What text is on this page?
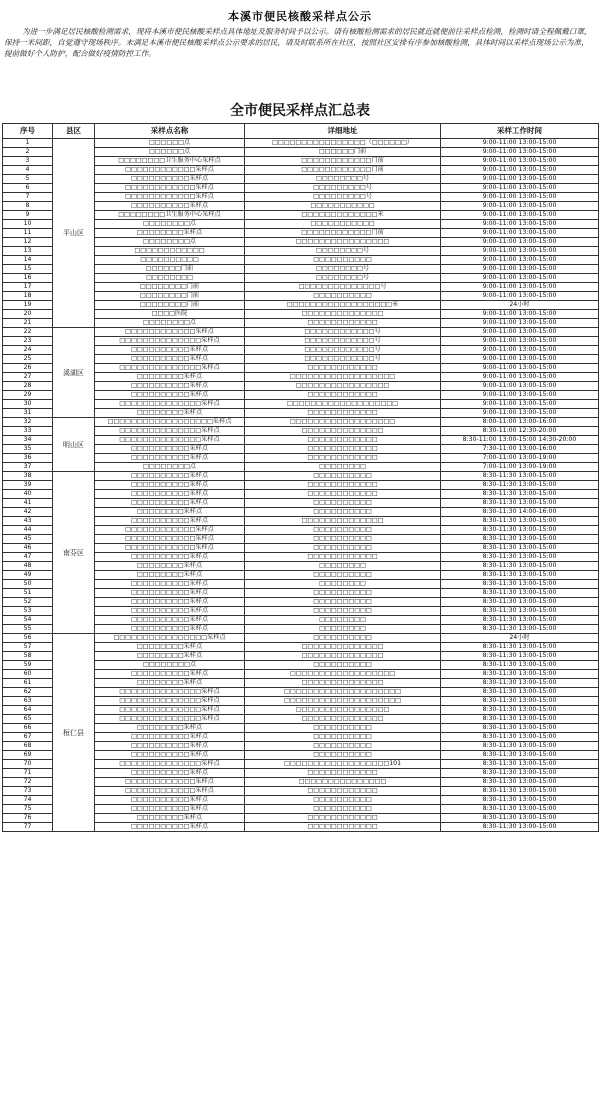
本溪市便民核酸采样点公示

为进一步满足居民核酸检测需求，现将本溪市便民核酸采样点具体地址及服务时间予以公示。请有核酸检测需求的居民就近就便前往采样点检测，检测时请全程佩戴口罩，保持一米间距，自觉遵守现场秩序。未满足本溪市便民核酸采样点公示要求的居民，请及时联系所在社区，按照社区安排有序参加核酸检测，具体时间以采样点现场公示为准，提前做好个人防护，配合做好疫情防控工作。

全市便民采样点汇总表
序号	县区	采样点名称	详细地址	采样工作时间
1	平山区	□□□□□□点	□□□□□□□□□□□□□□□□（□□□□□□）	9:00-11:00 13:00-15:00
2		□□□□□□点	□□□□□□门前	9:00-11:00 13:00-15:00
3		□□□□□□□□卫生服务中心采样点	□□□□□□□□□□□□门前	9:00-11:00 13:00-15:00
4		□□□□□□□□□□□□采样点	□□□□□□□□□□□□门前	9:00-11:00 13:00-15:00
5		□□□□□□□□□□采样点	□□□□□□□□号	9:00-11:00 13:00-15:00
6		□□□□□□□□□□□□采样点	□□□□□□□□□号	9:00-11:00 13:00-15:00
7		□□□□□□□□□□□□采样点	□□□□□□□□□号	9:00-11:00 13:00-15:00
8		□□□□□□□□□□采样点	□□□□□□□□□□□	9:00-11:00 13:00-15:00
9		□□□□□□□□卫生服务中心采样点	□□□□□□□□□□□□□米	9:00-11:00 13:00-15:00
10		□□□□□□□□点	□□□□□□□□□□□	9:00-11:00 13:00-15:00
11		□□□□□□□□采样点	□□□□□□□□□□□□门前	9:00-11:00 13:00-15:00
12		□□□□□□□□点	□□□□□□□□□□□□□□□□	9:00-11:00 13:00-15:00
13		□□□□□□□□□□□□	□□□□□□□□号	9:00-11:00 13:00-15:00
14		□□□□□□□□□□	□□□□□□□□□□	9:00-11:00 13:00-15:00
15		□□□□□□门前	□□□□□□□□号	9:00-11:00 13:00-15:00
16		□□□□□□□□	□□□□□□□□号	9:00-11:00 13:00-15:00
17		□□□□□□□□门前	□□□□□□□□□□□□□□号	9:00-11:00 13:00-15:00
18		□□□□□□□□门前	□□□□□□□□□□	9:00-11:00 13:00-15:00
19		□□□□□□□□门前	□□□□□□□□□□□□□□□□□□米	24小时
20		□□□□医院	□□□□□□□□□□□□□□	9:00-11:00 13:00-15:00
21		□□□□□□□□点	□□□□□□□□□□□□	9:00-11:00 13:00-15:00
22	溪湖区	□□□□□□□□□□□□采样点	□□□□□□□□□□□□号	9:00-11:00 13:00-15:00
23		□□□□□□□□□□□□□□采样点	□□□□□□□□□□□□号	9:00-11:00 13:00-15:00
24		□□□□□□□□□□采样点	□□□□□□□□□□□□号	9:00-11:00 13:00-15:00
25		□□□□□□□□□□采样点	□□□□□□□□□□□□号	9:00-11:00 13:00-15:00
26		□□□□□□□□□□□□□□采样点	□□□□□□□□□□□□	9:00-11:00 13:00-15:00
27		□□□□□□□□采样点	□□□□□□□□□□□□□□□□□□	9:00-11:00 13:00-15:00
28		□□□□□□□□□□采样点	□□□□□□□□□□□□□□□□	9:00-11:00 13:00-15:00
29		□□□□□□□□□□采样点	□□□□□□□□□□□□	9:00-11:00 13:00-15:00
30		□□□□□□□□□□□□□□采样点	□□□□□□□□□□□□□□□□□□□	9:00-11:00 13:00-15:00
31		□□□□□□□□采样点	□□□□□□□□□□□□	9:00-11:00 13:00-15:00
32	明山区	□□□□□□□□□□□□□□□□□□采样点	□□□□□□□□□□□□□□□□□□	8:00-11:00 13:00-16:00
33		□□□□□□□□□□□□□□采样点	□□□□□□□□□□□□□□	8:30-11:00 12:30-20:00
34		□□□□□□□□□□□□□□采样点	□□□□□□□□□□□□	8:30-11:00 13:00-15:00 14:30-20:00
35		□□□□□□□□□□采样点	□□□□□□□□□□□□	7:30-11:00 13:00-16:00
36		□□□□□□□□□□采样点	□□□□□□□□□□□□	7:00-11:00 13:00-19:00
37		□□□□□□□□点	□□□□□□□□	7:00-11:00 13:00-19:00
38	南芬区	□□□□□□□□□□采样点	□□□□□□□□□□	8:30-11:30 13:00-15:00
39		□□□□□□□□□□采样点	□□□□□□□□□□□□	8:30-11:30 13:00-15:00
40		□□□□□□□□□□采样点	□□□□□□□□□□□□	8:30-11:30 13:00-15:00
41		□□□□□□□□□□采样点	□□□□□□□□□□	8:30-11:30 13:00-15:00
42		□□□□□□□□采样点	□□□□□□□□□□	8:30-11:30 14:00-16:00
43		□□□□□□□□□□采样点	□□□□□□□□□□□□□□	8:30-11:30 13:00-15:00
44		□□□□□□□□□□□□采样点	□□□□□□□□□□	8:30-11:30 13:00-15:00
45		□□□□□□□□□□□□采样点	□□□□□□□□□□	8:30-11:30 13:00-15:00
46		□□□□□□□□□□□□采样点	□□□□□□□□□□	8:30-11:30 13:00-15:00
47		□□□□□□□□□□采样点	□□□□□□□□□□□□	8:30-11:30 13:00-15:00
48		□□□□□□□□采样点	□□□□□□□□	8:30-11:30 13:00-15:00
49		□□□□□□□□采样点	□□□□□□□□□□	8:30-11:30 13:00-15:00
50		□□□□□□□□□□采样点	□□□□□□□□	8:30-11:30 13:00-15:00
51		□□□□□□□□□□采样点	□□□□□□□□□□	8:30-11:30 13:00-15:00
52		□□□□□□□□□□采样点	□□□□□□□□□□	8:30-11:30 13:00-15:00
53		□□□□□□□□□□采样点	□□□□□□□□□□	8:30-11:30 13:00-15:00
54		□□□□□□□□□□采样点	□□□□□□□□	8:30-11:30 13:00-15:00
55		□□□□□□□□□□采样点	□□□□□□□□	8:30-11:30 13:00-15:00
56	桓仁县	□□□□□□□□□□□□□□□□采样点	□□□□□□□□□□	24小时
57		□□□□□□□□采样点	□□□□□□□□□□□□□□	8:30-11:30 13:00-15:00
58		□□□□□□□□采样点	□□□□□□□□□□□□□□	8:30-11:30 13:00-15:00
59		□□□□□□□□点	□□□□□□□□□□	8:30-11:30 13:00-15:00
60		□□□□□□□□□□采样点	□□□□□□□□□□□□□□□□□□	8:30-11:30 13:00-15:00
61		□□□□□□□□采样点	□□□□□□□□□□□□□□	8:30-11:30 13:00-15:00
62		□□□□□□□□□□□□□□采样点	□□□□□□□□□□□□□□□□□□□□	8:30-11:30 13:00-15:00
63		□□□□□□□□□□□□□□采样点	□□□□□□□□□□□□□□□□□□□□	8:30-11:30 13:00-15:00
64		□□□□□□□□□□□□□□采样点	□□□□□□□□□□□□□□□□	8:30-11:30 13:00-15:00
65		□□□□□□□□□□□□□□采样点	□□□□□□□□□□□□□□	8:30-11:30 13:00-15:00
66		□□□□□□□□采样点	□□□□□□□□□□	8:30-11:30 13:00-15:00
67		□□□□□□□□□□采样点	□□□□□□□□□□	8:30-11:30 13:00-15:00
68		□□□□□□□□□□采样点	□□□□□□□□□□	8:30-11:30 13:00-15:00
69		□□□□□□□□□□采样点	□□□□□□□□□□	8:30-11:30 13:00-15:00
70		□□□□□□□□□□□□□□采样点	□□□□□□□□□□□□□□□□□□101	8:30-11:30 13:00-15:00
71		□□□□□□□□□□采样点	□□□□□□□□□□□□	8:30-11:30 13:00-15:00
72		□□□□□□□□□□□□采样点	□□□□□□□□□□□□□□□	8:30-11:30 13:00-15:00
73		□□□□□□□□□□□□采样点	□□□□□□□□□□□□	8:30-11:30 13:00-15:00
74		□□□□□□□□□□采样点	□□□□□□□□□□	8:30-11:30 13:00-15:00
75		□□□□□□□□□□采样点	□□□□□□□□□□	8:30-11:30 13:00-15:00
76		□□□□□□□□采样点	□□□□□□□□□□□□	8:30-11:30 13:00-15:00
77		□□□□□□□□□□采样点	□□□□□□□□□□□□	8:30-11:30 13:00-15:00
